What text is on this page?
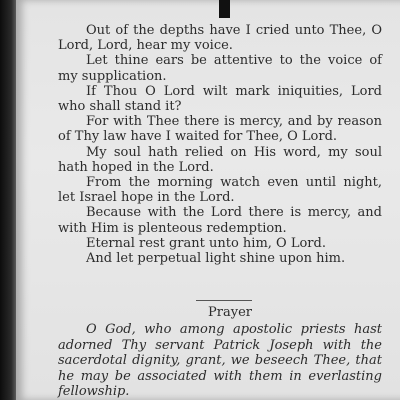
Out of the depths have I cried unto Thee, O Lord, Lord, hear my voice.

Let thine ears be attentive to the voice of my supplication.

If Thou O Lord wilt mark iniquities, Lord who shall stand it?

For with Thee there is mercy, and by reason of Thy law have I waited for Thee, O Lord.

My soul hath relied on His word, my soul hath hoped in the Lord.

From the morning watch even until night, let Israel hope in the Lord.

Because with the Lord there is mercy, and with Him is plenteous redemption.

Eternal rest grant unto him, O Lord.

And let perpetual light shine upon him.

Prayer

O God, who among apostolic priests hast adorned Thy servant Patrick Joseph with the sacerdotal dignity, grant, we beseech Thee, that he may be associated with them in everlasting fellowship.
